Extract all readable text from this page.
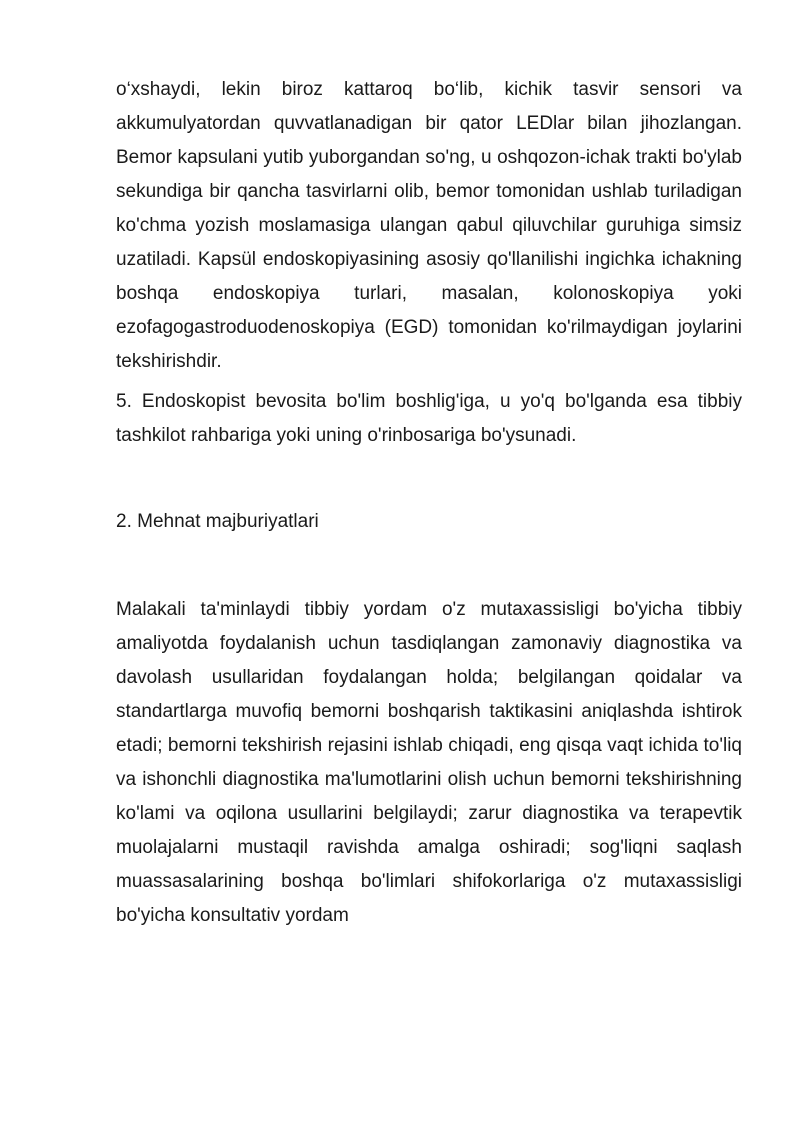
o‘xshaydi, lekin biroz kattaroq bo‘lib, kichik tasvir sensori va akkumulyatordan quvvatlanadigan bir qator LEDlar bilan jihozlangan. Bemor kapsulani yutib yuborgandan so'ng, u oshqozon-ichak trakti bo'ylab sekundiga bir qancha tasvirlarni olib, bemor tomonidan ushlab turiladigan ko'chma yozish moslamasiga ulangan qabul qiluvchilar guruhiga simsiz uzatiladi. Kapsül endoskopiyasining asosiy qo'llanilishi ingichka ichakning boshqa endoskopiya turlari, masalan, kolonoskopiya yoki ezofagogastroduodenoskopiya (EGD) tomonidan ko'rilmaydigan joylarini tekshirishdir.

5. Endoskopist bevosita bo'lim boshlig'iga, u yo'q bo'lganda esa tibbiy tashkilot rahbariga yoki uning o'rinbosariga bo'ysunadi.

2. Mehnat majburiyatlari

Malakali ta'minlaydi tibbiy yordam o'z mutaxassisligi bo'yicha tibbiy amaliyotda foydalanish uchun tasdiqlangan zamonaviy diagnostika va davolash usullaridan foydalangan holda; belgilangan qoidalar va standartlarga muvofiq bemorni boshqarish taktikasini aniqlashda ishtirok etadi; bemorni tekshirish rejasini ishlab chiqadi, eng qisqa vaqt ichida to'liq va ishonchli diagnostika ma'lumotlarini olish uchun bemorni tekshirishning ko'lami va oqilona usullarini belgilaydi; zarur diagnostika va terapevtik muolajalarni mustaqil ravishda amalga oshiradi; sog'liqni saqlash muassasalarining boshqa bo'limlari shifokorlariga o'z mutaxassisligi bo'yicha konsultativ yordam
